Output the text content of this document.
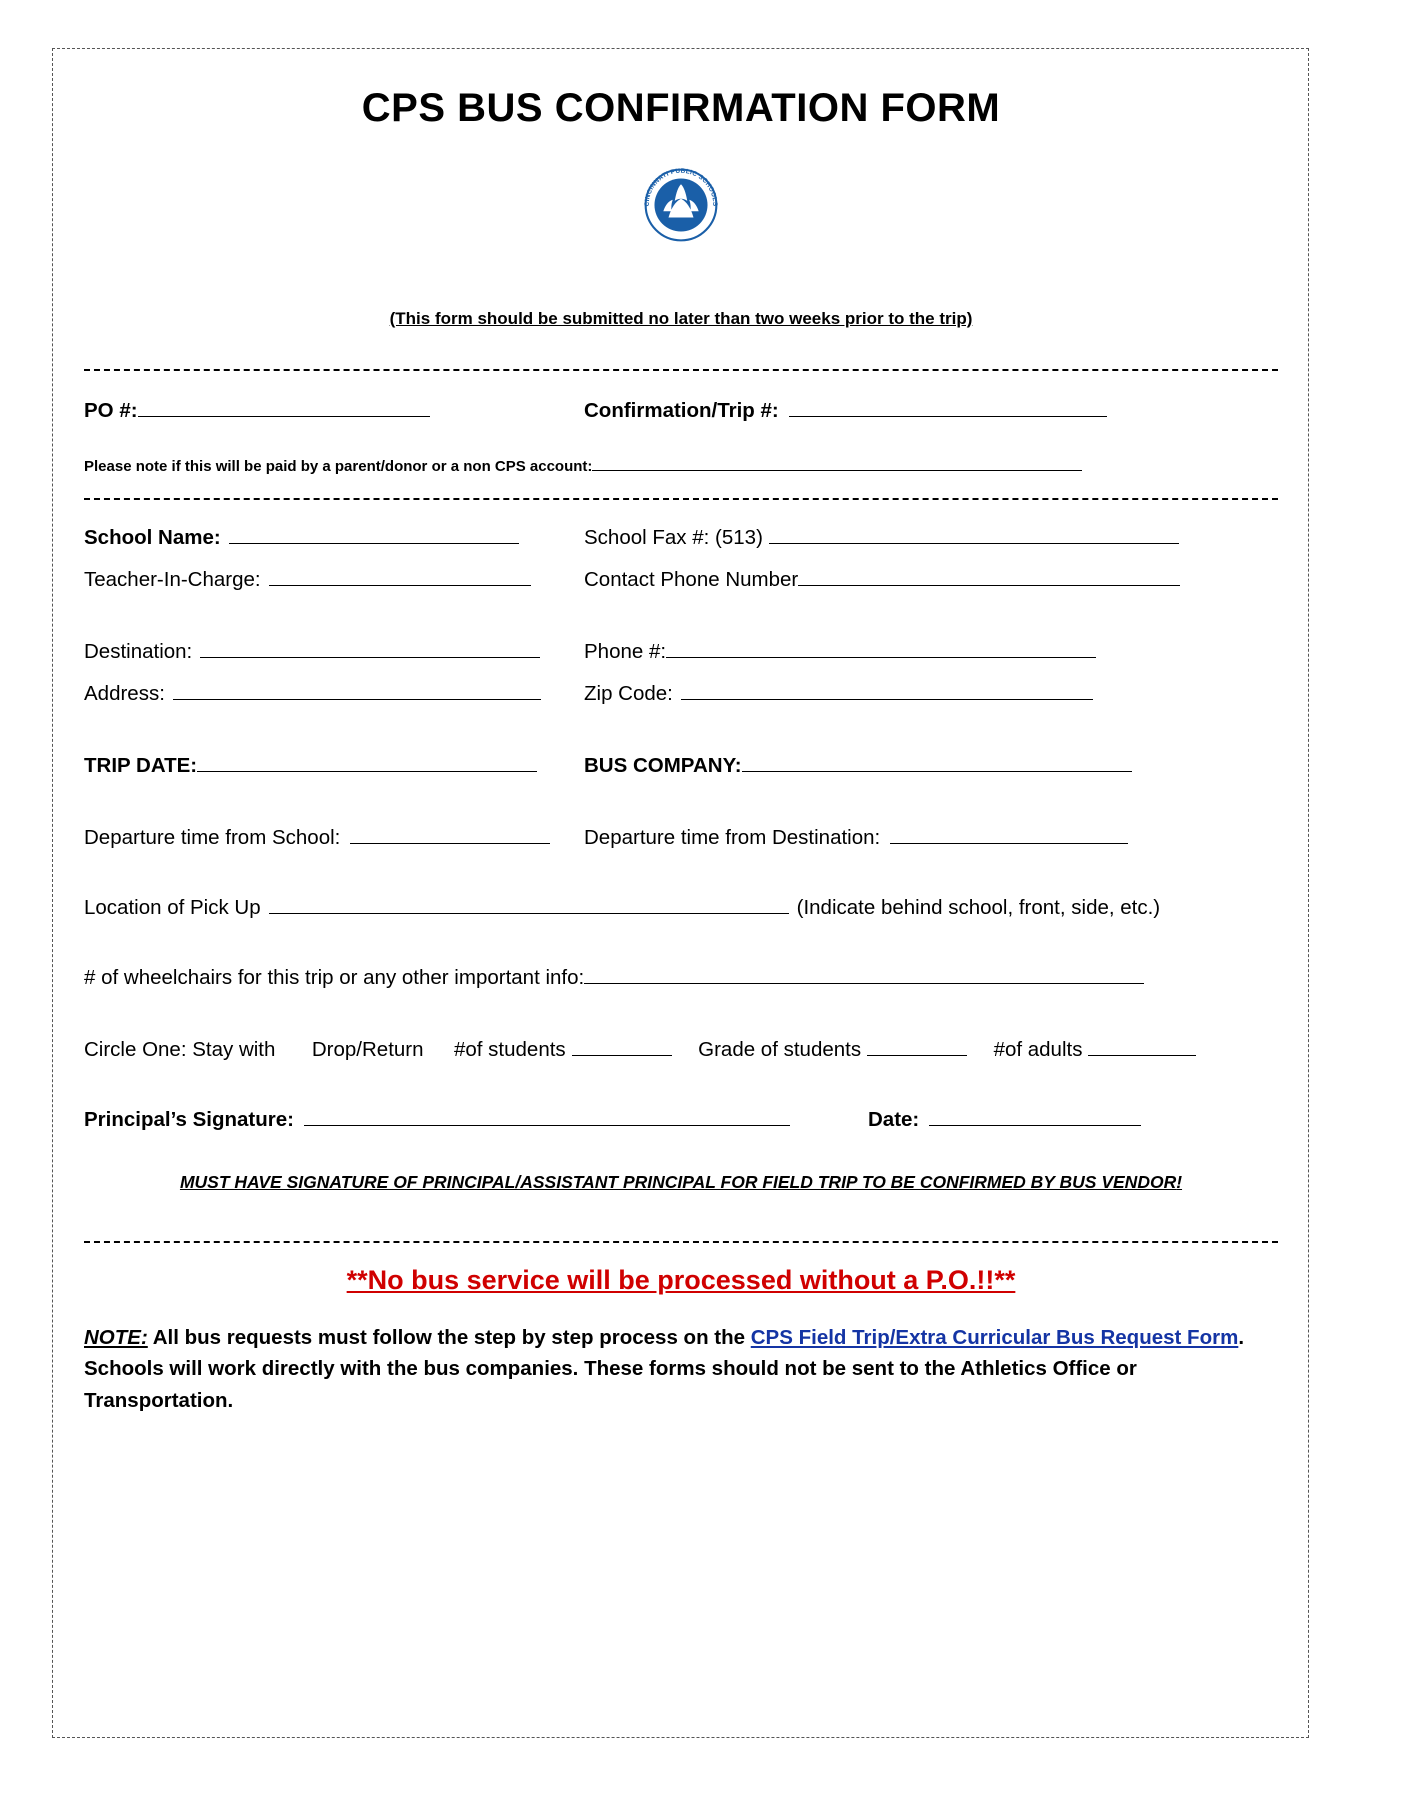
CPS BUS CONFIRMATION FORM
CINCINNATI PUBLIC SCHOOLS
(This form should be submitted no later than two weeks prior to the trip)
PO #:	Confirmation/Trip #:
Please note if this will be paid by a parent/donor or a non CPS account:
School Name:	School Fax #: (513)
Teacher-In-Charge:	Contact Phone Number
Destination:	Phone #:
Address:	Zip Code:
TRIP DATE:	BUS COMPANY:
Departure time from School:	Departure time from Destination:
Location of Pick Up	(Indicate behind school, front, side, etc.)
# of wheelchairs for this trip or any other important info:
Circle One: Stay with Drop/Return #of students	Grade of students	#of adults
Principal’s Signature:	Date:
MUST HAVE SIGNATURE OF PRINCIPAL/ASSISTANT PRINCIPAL FOR FIELD TRIP TO BE CONFIRMED BY BUS VENDOR!
**No bus service will be processed without a P.O.!!**
NOTE: All bus requests must follow the step by step process on the CPS Field Trip/Extra Curricular Bus Request Form. Schools will work directly with the bus companies. These forms should not be sent to the Athletics Office or Transportation.
